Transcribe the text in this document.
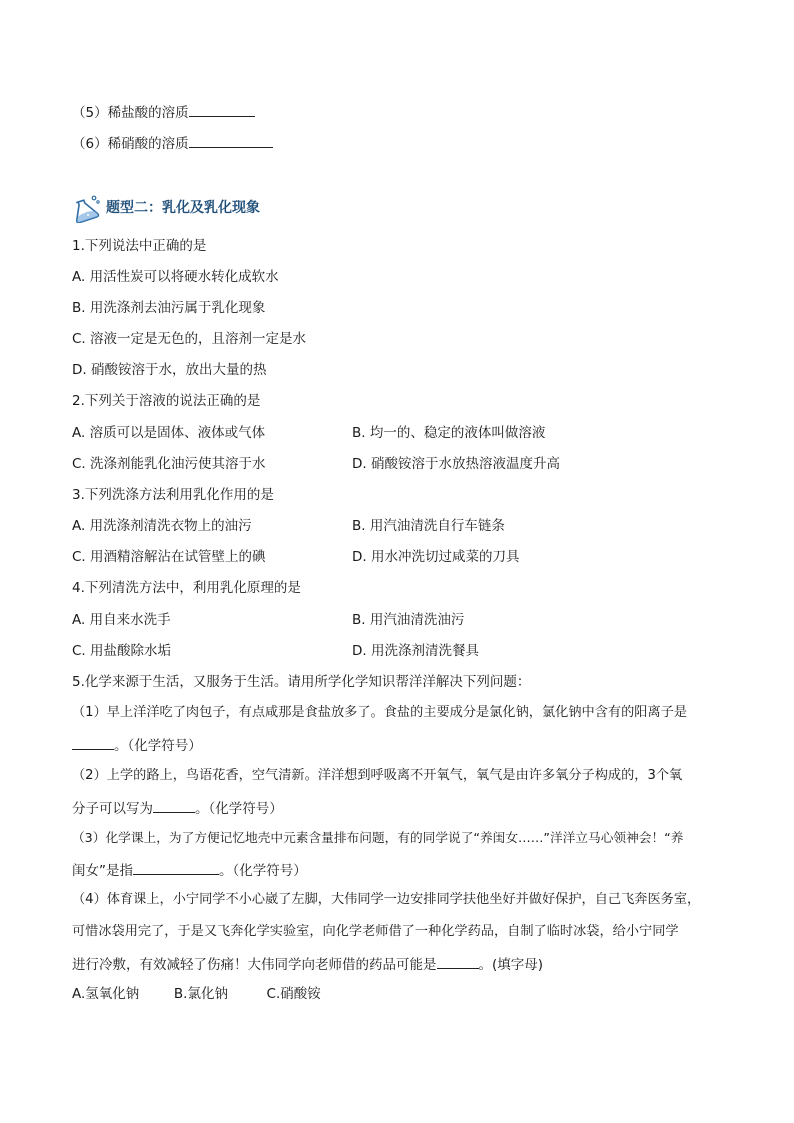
（5）稀盐酸的溶质
（6）稀硝酸的溶质
题型二：乳化及乳化现象
1.下列说法中正确的是
A. 用活性炭可以将硬水转化成软水
B. 用洗涤剂去油污属于乳化现象
C. 溶液一定是无色的，且溶剂一定是水
D. 硝酸铵溶于水，放出大量的热
2.下列关于溶液的说法正确的是
A. 溶质可以是固体、液体或气体	B. 均一的、稳定的液体叫做溶液
C. 洗涤剂能乳化油污使其溶于水	D. 硝酸铵溶于水放热溶液温度升高
3.下列洗涤方法利用乳化作用的是
A. 用洗涤剂清洗衣物上的油污	B. 用汽油清洗自行车链条
C. 用酒精溶解沾在试管壁上的碘	D. 用水冲洗切过咸菜的刀具
4.下列清洗方法中，利用乳化原理的是
A. 用自来水洗手	B. 用汽油清洗油污
C. 用盐酸除水垢	D. 用洗涤剂清洗餐具
5.化学来源于生活，又服务于生活。请用所学化学知识帮洋洋解决下列问题：
（1）早上洋洋吃了肉包子，有点咸那是食盐放多了。食盐的主要成分是氯化钠，氯化钠中含有的阳离子是
。（化学符号）
（2）上学的路上，鸟语花香，空气清新。洋洋想到呼吸离不开氧气，氧气是由许多氧分子构成的，3个氧
分子可以写为	。（化学符号）
（3）化学课上，为了方便记忆地壳中元素含量排布问题，有的同学说了“养闺女……”洋洋立马心领神会！“养
闺女”是指	。（化学符号）
（4）体育课上，小宁同学不小心崴了左脚，大伟同学一边安排同学扶他坐好并做好保护，自己飞奔医务室，
可惜冰袋用完了，于是又飞奔化学实验室，向化学老师借了一种化学药品，自制了临时冰袋，给小宁同学
进行冷敷，有效减轻了伤痛！大伟同学向老师借的药品可能是	。(填字母)
A.氢氧化钠	B.氯化钠	C.硝酸铵
